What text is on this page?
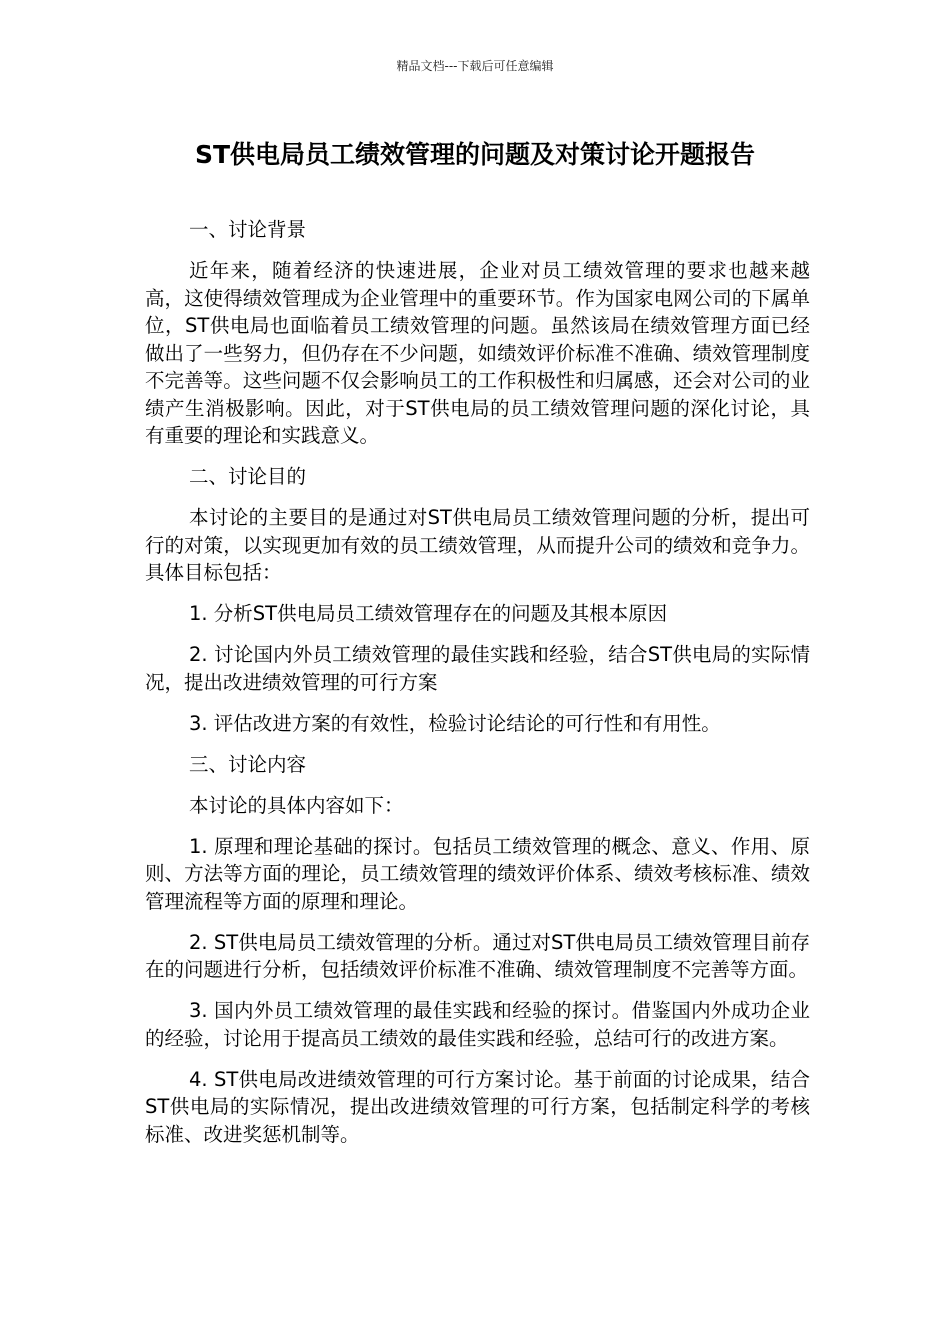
精品文档---下载后可任意编辑
ST供电局员工绩效管理的问题及对策讨论开题报告

一、讨论背景

近年来，随着经济的快速进展，企业对员工绩效管理的要求也越来越高，这使得绩效管理成为企业管理中的重要环节。作为国家电网公司的下属单位，ST供电局也面临着员工绩效管理的问题。虽然该局在绩效管理方面已经做出了一些努力，但仍存在不少问题，如绩效评价标准不准确、绩效管理制度不完善等。这些问题不仅会影响员工的工作积极性和归属感，还会对公司的业绩产生消极影响。因此，对于ST供电局的员工绩效管理问题的深化讨论，具有重要的理论和实践意义。

二、讨论目的

本讨论的主要目的是通过对ST供电局员工绩效管理问题的分析，提出可行的对策，以实现更加有效的员工绩效管理，从而提升公司的绩效和竞争力。具体目标包括：

1. 分析ST供电局员工绩效管理存在的问题及其根本原因

2. 讨论国内外员工绩效管理的最佳实践和经验，结合ST供电局的实际情况，提出改进绩效管理的可行方案

3. 评估改进方案的有效性，检验讨论结论的可行性和有用性。

三、讨论内容

本讨论的具体内容如下：

1. 原理和理论基础的探讨。包括员工绩效管理的概念、意义、作用、原则、方法等方面的理论，员工绩效管理的绩效评价体系、绩效考核标准、绩效管理流程等方面的原理和理论。

2. ST供电局员工绩效管理的分析。通过对ST供电局员工绩效管理目前存在的问题进行分析，包括绩效评价标准不准确、绩效管理制度不完善等方面。

3. 国内外员工绩效管理的最佳实践和经验的探讨。借鉴国内外成功企业的经验，讨论用于提高员工绩效的最佳实践和经验，总结可行的改进方案。

4. ST供电局改进绩效管理的可行方案讨论。基于前面的讨论成果，结合ST供电局的实际情况，提出改进绩效管理的可行方案，包括制定科学的考核标准、改进奖惩机制等。
